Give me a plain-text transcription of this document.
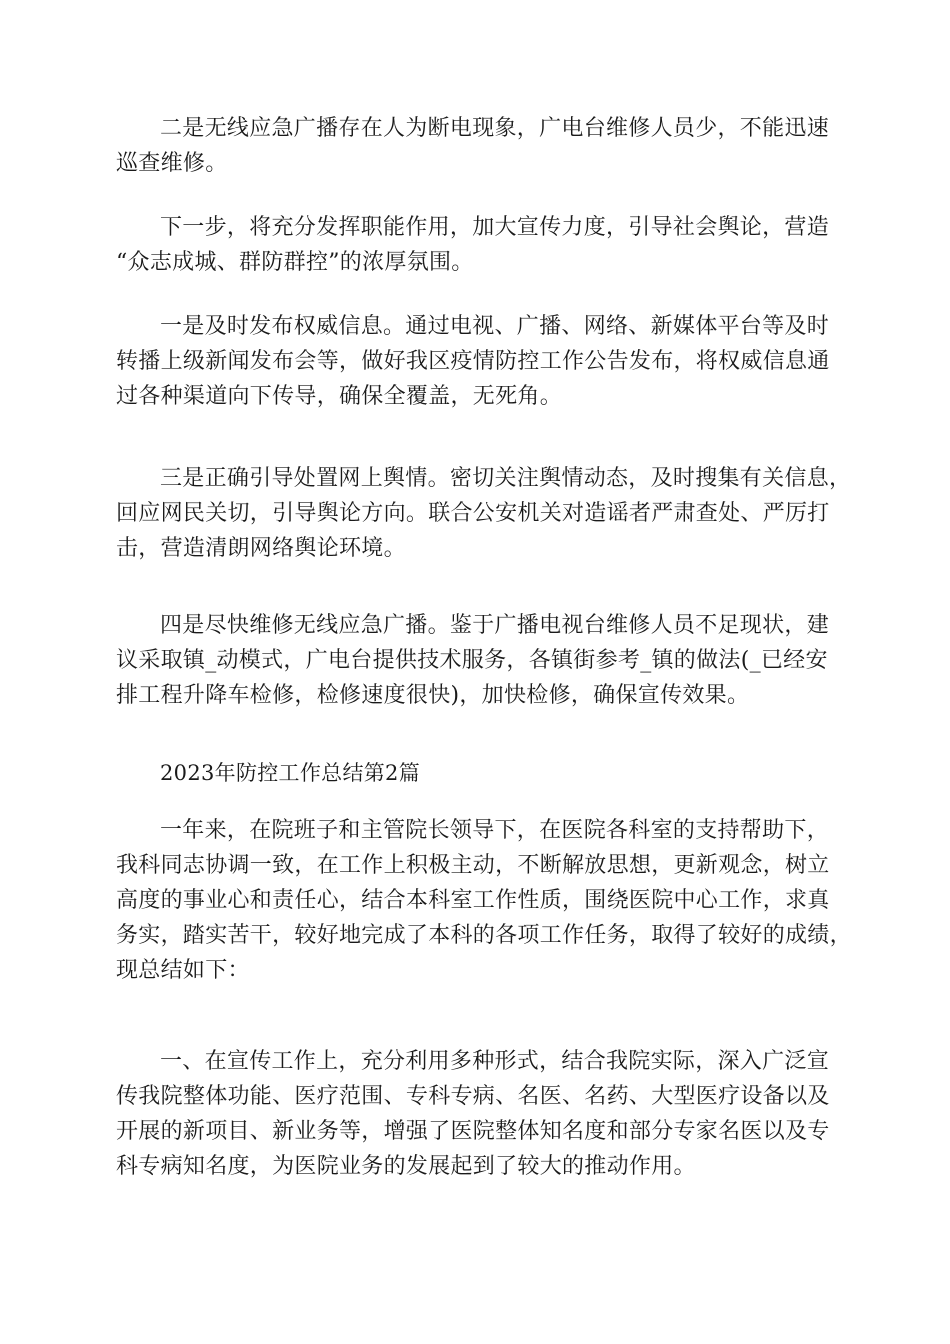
二是无线应急广播存在人为断电现象，广电台维修人员少，不能迅速
巡查维修。
下一步，将充分发挥职能作用，加大宣传力度，引导社会舆论，营造
“众志成城、群防群控”的浓厚氛围。
一是及时发布权威信息。通过电视、广播、网络、新媒体平台等及时
转播上级新闻发布会等，做好我区疫情防控工作公告发布，将权威信息通
过各种渠道向下传导，确保全覆盖，无死角。
三是正确引导处置网上舆情。密切关注舆情动态，及时搜集有关信息，
回应网民关切，引导舆论方向。联合公安机关对造谣者严肃查处、严厉打
击，营造清朗网络舆论环境。
四是尽快维修无线应急广播。鉴于广播电视台维修人员不足现状，建
议采取镇_动模式，广电台提供技术服务，各镇街参考_镇的做法(_已经安
排工程升降车检修，检修速度很快)，加快检修，确保宣传效果。
2023年防控工作总结第2篇
一年来，在院班子和主管院长领导下，在医院各科室的支持帮助下，
我科同志协调一致，在工作上积极主动，不断解放思想，更新观念，树立
高度的事业心和责任心，结合本科室工作性质，围绕医院中心工作，求真
务实，踏实苦干，较好地完成了本科的各项工作任务，取得了较好的成绩，
现总结如下：
一、在宣传工作上，充分利用多种形式，结合我院实际，深入广泛宣
传我院整体功能、医疗范围、专科专病、名医、名药、大型医疗设备以及
开展的新项目、新业务等，增强了医院整体知名度和部分专家名医以及专
科专病知名度，为医院业务的发展起到了较大的推动作用。
